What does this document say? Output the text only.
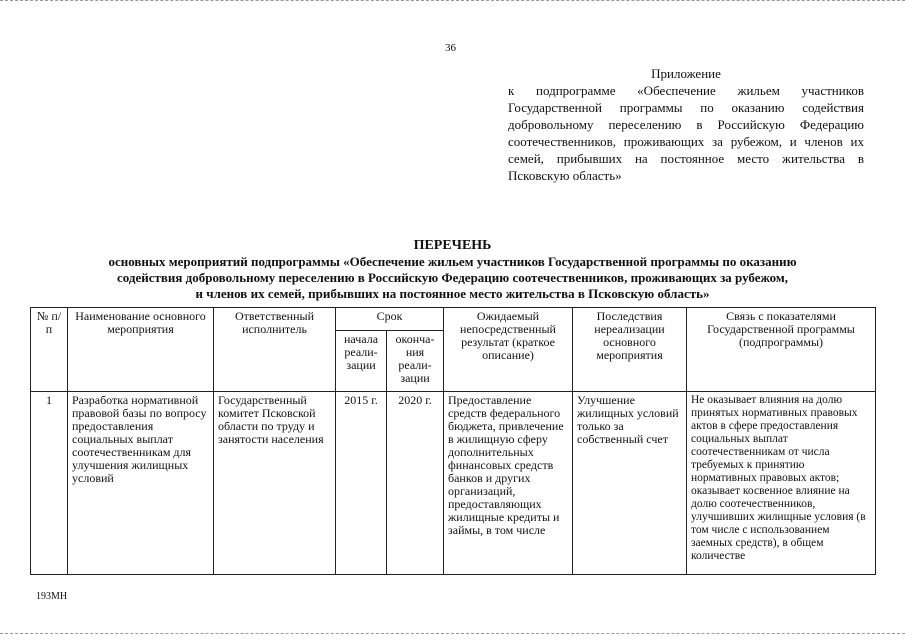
36
Приложение
к подпрограмме «Обеспечение жильем участников Государственной программы по оказанию содействия добровольному переселению в Российскую Федерацию соотечественников, проживающих за рубежом, и членов их семей, прибывших на постоянное место жительства в Псковскую область»
ПЕРЕЧЕНЬ
основных мероприятий подпрограммы «Обеспечение жильем участников Государственной программы по оказанию
содействия добровольному переселению в Российскую Федерацию соотечественников, проживающих за рубежом,
и членов их семей, прибывших на постоянное место жительства в Псковскую область»
№ п/п	Наименование основного мероприятия	Ответственный исполнитель	Срок		Ожидаемый непосредственный результат (краткое описание)	Последствия нереализации основного мероприятия	Связь с показателями Государственной программы (подпрограммы)
			начала реали-зации	оконча-ния реали-зации			
1	Разработка нормативной правовой базы по вопросу предоставления социальных выплат соотечественникам для улучшения жилищных условий	Государственный комитет Псковской области по труду и занятости населения	2015 г.	2020 г.	Предоставление средств федерального бюджета, привлечение в жилищную сферу дополнительных финансовых средств банков и других организаций, предоставляющих жилищные кредиты и займы, в том числе	Улучшение жилищных условий только за собственный счет	Не оказывает влияния на долю принятых нормативных правовых актов в сфере предоставления социальных выплат соотечественникам от числа требуемых к принятию нормативных правовых актов; оказывает косвенное влияние на долю соотечественников, улучшивших жилищные условия (в том числе с использованием заемных средств), в общем количестве
193МН
